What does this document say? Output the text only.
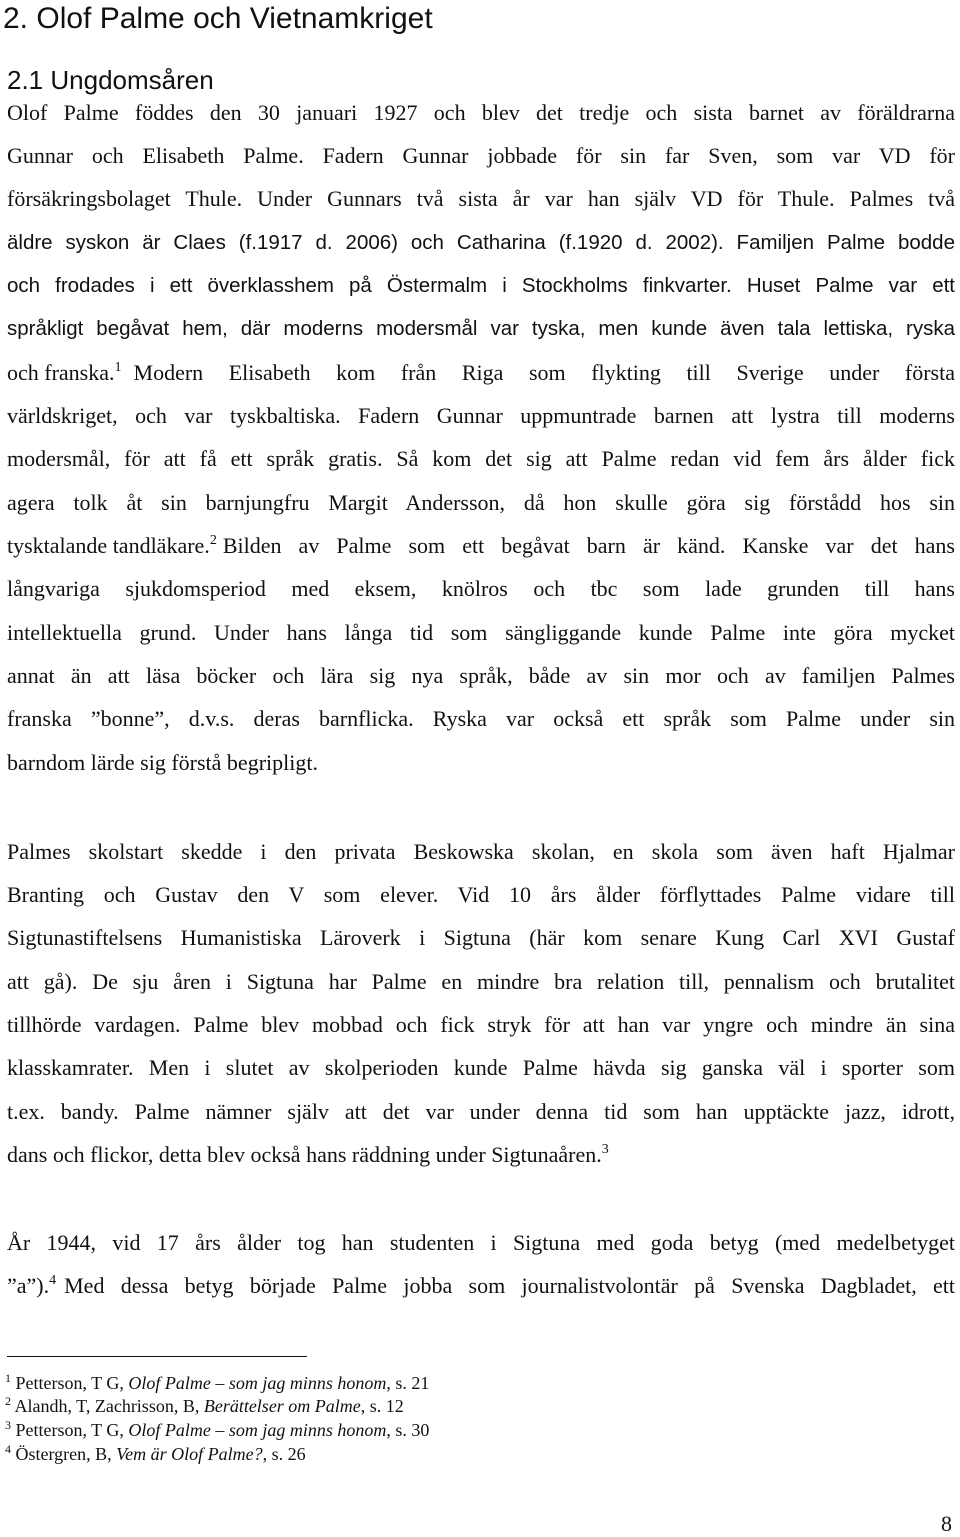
2. Olof Palme och Vietnamkriget
2.1 Ungdomsåren

Olof Palme föddes den 30 januari 1927 och blev det tredje och sista barnet av föräldrarna

Gunnar och Elisabeth Palme. Fadern Gunnar jobbade för sin far Sven, som var VD för

försäkringsbolaget Thule. Under Gunnars två sista år var han själv VD för Thule. Palmes två

äldre syskon är Claes (f.1917 d. 2006) och Catharina (f.1920 d. 2002). Familjen Palme bodde

och frodades i ett överklasshem på Östermalm i Stockholms finkvarter. Huset Palme var ett

språkligt begåvat hem, där moderns modersmål var tyska, men kunde även tala lettiska, ryska

och franska.$^1$ Modern Elisabeth kom från Riga som flykting till Sverige under första

världskriget, och var tyskbaltiska. Fadern Gunnar uppmuntrade barnen att lystra till moderns

modersmål, för att få ett språk gratis. Så kom det sig att Palme redan vid fem års ålder fick

agera tolk åt sin barnjungfru Margit Andersson, då hon skulle göra sig förstådd hos sin

tysktalande tandläkare.$^2$ Bilden av Palme som ett begåvat barn är känd. Kanske var det hans

långvariga sjukdomsperiod med eksem, knölros och tbc som lade grunden till hans

intellektuella grund. Under hans långa tid som sängliggande kunde Palme inte göra mycket

annat än att läsa böcker och lära sig nya språk, både av sin mor och av familjen Palmes

franska ”bonne”, d.v.s. deras barnflicka. Ryska var också ett språk som Palme under sin

barndom lärde sig förstå begripligt.

Palmes skolstart skedde i den privata Beskowska skolan, en skola som även haft Hjalmar

Branting och Gustav den V som elever. Vid 10 års ålder förflyttades Palme vidare till

Sigtunastiftelsens Humanistiska Läroverk i Sigtuna (här kom senare Kung Carl XVI Gustaf

att gå). De sju åren i Sigtuna har Palme en mindre bra relation till, pennalism och brutalitet

tillhörde vardagen. Palme blev mobbad och fick stryk för att han var yngre och mindre än sina

klasskamrater. Men i slutet av skolperioden kunde Palme hävda sig ganska väl i sporter som

t.ex. bandy. Palme nämner själv att det var under denna tid som han upptäckte jazz, idrott,

dans och flickor, detta blev också hans räddning under Sigtunaåren.$^3$

År 1944, vid 17 års ålder tog han studenten i Sigtuna med goda betyg (med medelbetyget

”a”).$^4$ Med dessa betyg började Palme jobba som journalistvolontär på Svenska Dagbladet, ett

$^1$ Petterson, T G, Olof Palme – som jag minns honom, s. 21

$^2$ Alandh, T, Zachrisson, B, Berättelser om Palme, s. 12

$^3$ Petterson, T G, Olof Palme – som jag minns honom, s. 30

$^4$ Östergren, B, Vem är Olof Palme?, s. 26

8
